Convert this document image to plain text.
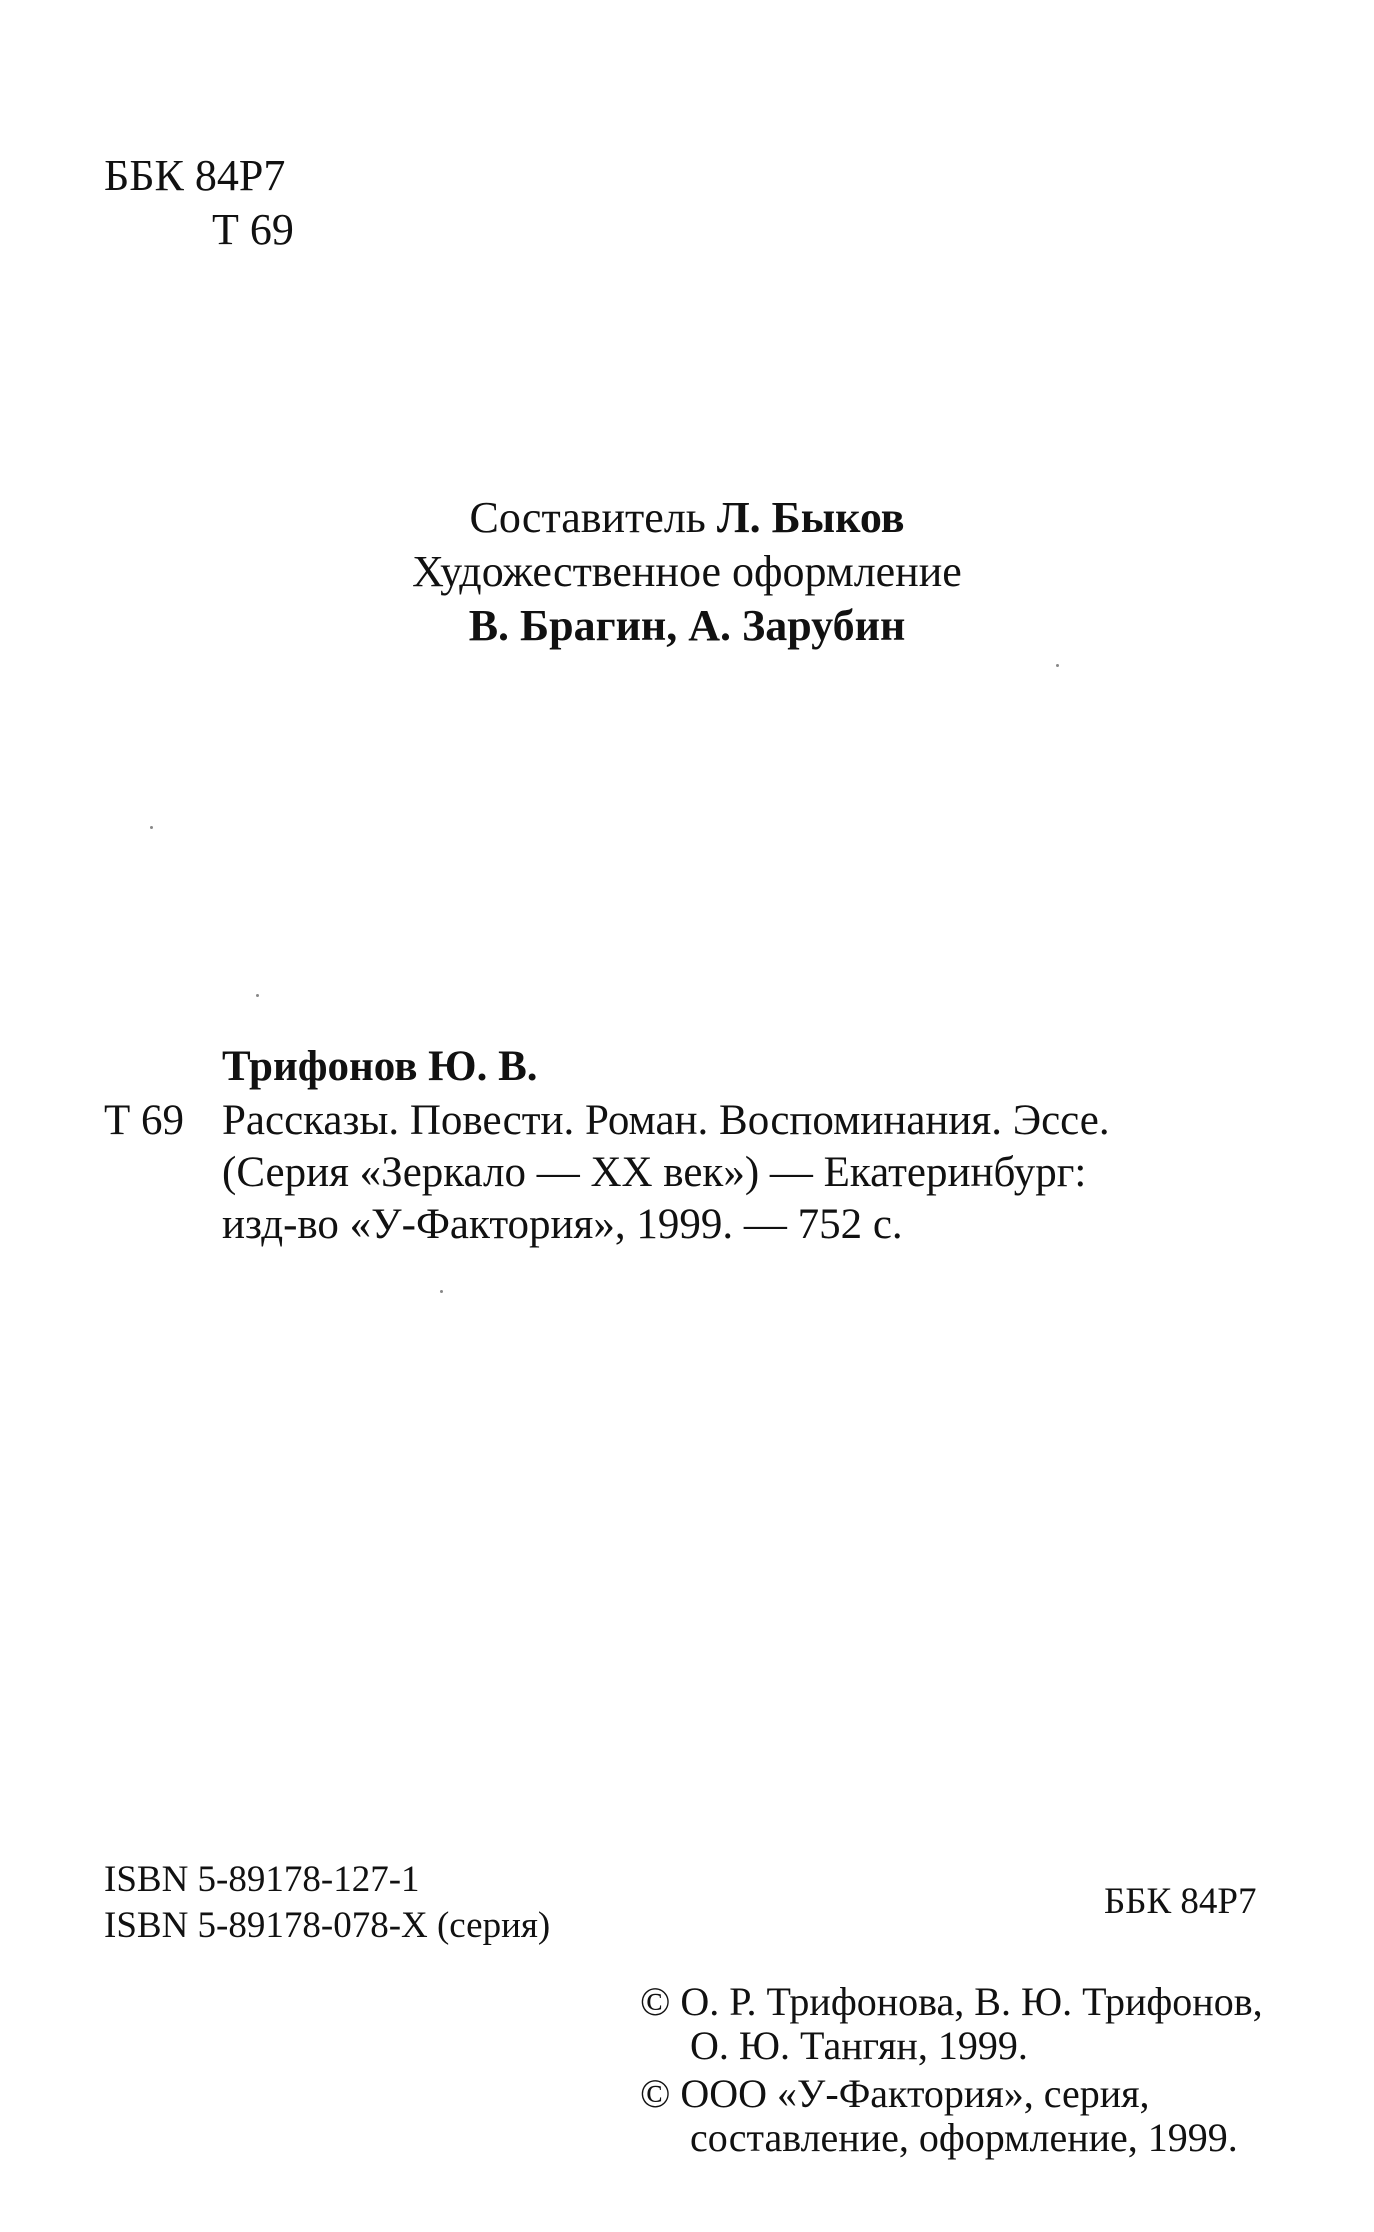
ББК 84Р7
Т 69
Составитель Л. Быков
Художественное оформление
В. Брагин, А. Зарубин
Трифонов Ю. В.
Т 69 Рассказы. Повести. Роман. Воспоминания. Эссе.
(Серия «Зеркало — XX век») — Екатеринбург:
изд-во «У-Фактория», 1999. — 752 с.
ISBN 5-89178-127-1
ISBN 5-89178-078-X (серия)
ББК 84Р7
© О. Р. Трифонова, В. Ю. Трифонов,
О. Ю. Тангян, 1999.
© ООО «У-Фактория», серия,
составление, оформление, 1999.
